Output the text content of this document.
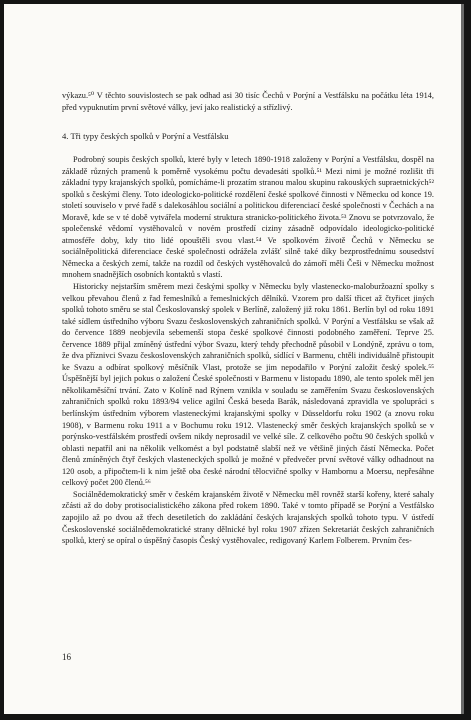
výkazu.⁵⁰ V těchto souvislostech se pak odhad asi 30 tisíc Čechů v Porýní a Vestfálsku na počátku léta 1914, před vypuknutím první světové války, jeví jako realistický a střízlivý.

4. Tři typy českých spolků v Porýní a Vestfálsku

Podrobný soupis českých spolků, které byly v letech 1890-1918 založeny v Porýní a Vestfálsku, dospěl na základě různých pramenů k poměrně vysokému počtu devadesáti spolků.⁵¹ Mezi nimi je možné rozlišit tři základní typy krajanských spolků, pomícháme-li prozatím stranou malou skupinu rakouských supraetnických⁵² spolků s českými členy. Toto ideologicko-politické rozdělení české spolkové činnosti v Německu od konce 19. století souviselo v prvé řadě s dalekosáhlou sociální a politickou diferenciací české společnosti v Čechách a na Moravě, kde se v té době vytvářela moderní struktura stranicko-politického života.⁵³ Znovu se potvrzovalo, že společenské vědomí vystěhovalců v novém prostředí ciziny zásadně odpovídalo ideologicko-politické atmosféře doby, kdy tito lidé opouštěli svou vlast.⁵⁴ Ve spolkovém životě Čechů v Německu se sociálněpolitická diferenciace české společnosti odrážela zvlášť silně také díky bezprostřednímu sousedství Německa a českých zemí, takže na rozdíl od českých vystěhovalců do zámoří měli Češi v Německu možnost mnohem snadnějších osobních kontaktů s vlastí.

Historicky nejstarším směrem mezi českými spolky v Německu byly vlastenecko-maloburžoazní spolky s velkou převahou členů z řad řemeslníků a řemeslnických dělníků. Vzorem pro další třicet až čtyřicet jiných spolků tohoto směru se stal Českoslovanský spolek v Berlíně, založený již roku 1861. Berlín byl od roku 1891 také sídlem ústředního výboru Svazu československých zahraničních spolků. V Porýní a Vestfálsku se však až do července 1889 neobjevila sebemenší stopa české spolkové činnosti podobného zaměření. Teprve 25. července 1889 přijal zmíněný ústřední výbor Svazu, který tehdy přechodně působil v Londýně, zprávu o tom, že dva příznivci Svazu československých zahraničních spolků, sídlící v Barmenu, chtěli individuálně přistoupit ke Svazu a odbírat spolkový měsíčník Vlast, protože se jim nepodařilo v Porýní založit český spolek.⁵⁵ Úspěšnější byl jejich pokus o založení České společnosti v Barmenu v listopadu 1890, ale tento spolek měl jen několikaměsíční trvání. Zato v Kolíně nad Rýnem vznikla v souladu se zaměřením Svazu československých zahraničních spolků roku 1893/94 velice agilní Česká beseda Barák, následovaná zpravidla ve spolupráci s berlínským ústředním výborem vlasteneckými krajanskými spolky v Düsseldorfu roku 1902 (a znovu roku 1908), v Barmenu roku 1911 a v Bochumu roku 1912. Vlastenecký směr českých krajanských spolků se v porýnsko-vestfálském prostředí ovšem nikdy neprosadil ve velké síle. Z celkového počtu 90 českých spolků v oblasti nepatřil ani na několik velkomést a byl podstatně slabší než ve většině jiných částí Německa. Počet členů zmíněných čtyř českých vlasteneckých spolků je možné v předvečer první světové války odhadnout na 120 osob, a připočtem-li k nim ještě oba české národní tělocvičné spolky v Hambornu a Moersu, nepřesáhne celkový počet 200 členů.⁵⁶

Sociálnědemokratický směr v českém krajanském životě v Německu měl rovněž starší kořeny, které sahaly zčásti až do doby protisocialistického zákona před rokem 1890. Také v tomto případě se Porýní a Vestfálsko zapojilo až po dvou až třech desetiletích do zakládání českých krajanských spolků tohoto typu. V ústředí Československé sociálnědemokratické strany dělnické byl roku 1907 zřízen Sekretariát českých zahraničních spolků, který se opíral o úspěšný časopis Český vystěhovalec, redigovaný Karlem Folberem. Prvním čes-

16
